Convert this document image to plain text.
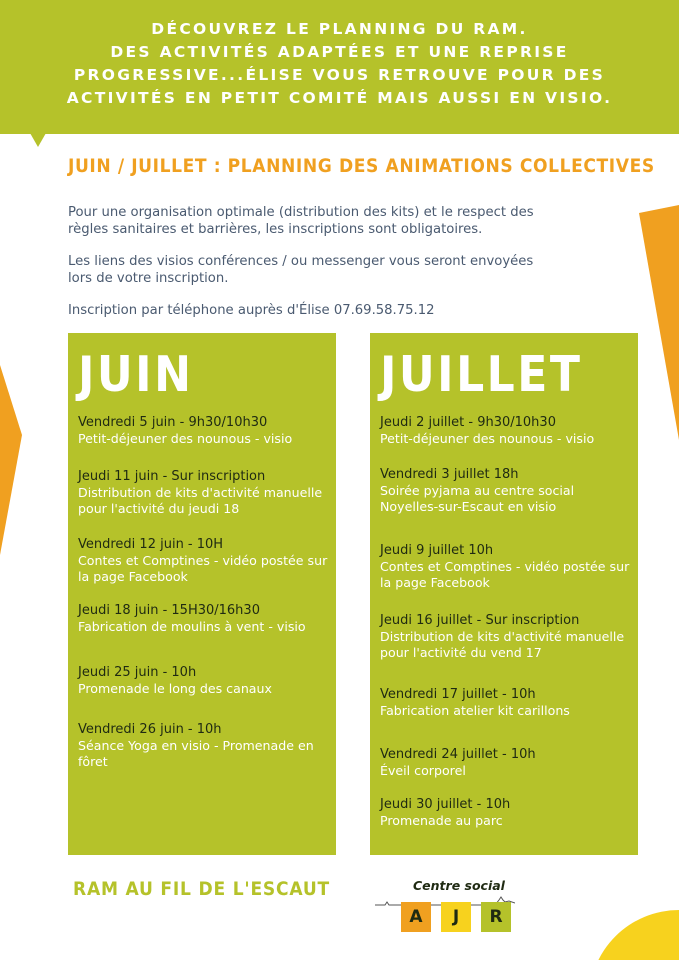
DÉCOUVREZ LE PLANNING DU RAM.
DES ACTIVITÉS ADAPTÉES ET UNE REPRISE
PROGRESSIVE...ÉLISE VOUS RETROUVE POUR DES
ACTIVITÉS EN PETIT COMITÉ MAIS AUSSI EN VISIO.
JUIN / JUILLET : PLANNING DES ANIMATIONS COLLECTIVES

Pour une organisation optimale (distribution des kits) et le respect des règles sanitaires et barrières, les inscriptions sont obligatoires.

Les liens des visios conférences / ou messenger vous seront envoyées
lors de votre inscription.

Inscription par téléphone auprès d'Élise 07.69.58.75.12

JUIN
Vendredi 5 juin - 9h30/10h30
Petit-déjeuner des nounous - visio
Jeudi 11 juin - Sur inscription
Distribution de kits d'activité manuelle pour l'activité du jeudi 18
Vendredi 12 juin - 10H
Contes et Comptines - vidéo postée sur la page Facebook
Jeudi 18 juin - 15H30/16h30
Fabrication de moulins à vent - visio
Jeudi 25 juin - 10h
Promenade le long des canaux
Vendredi 26 juin - 10h
Séance Yoga en visio - Promenade en fôret
JUILLET
Jeudi 2 juillet - 9h30/10h30
Petit-déjeuner des nounous - visio
Vendredi 3 juillet 18h
Soirée pyjama au centre social Noyelles-sur-Escaut en visio
Jeudi 9 juillet 10h
Contes et Comptines - vidéo postée sur la page Facebook
Jeudi 16 juillet - Sur inscription
Distribution de kits d'activité manuelle pour l'activité du vend 17
Vendredi 17 juillet - 10h
Fabrication atelier kit carillons
Vendredi 24 juillet - 10h
Éveil corporel
Jeudi 30 juillet - 10h
Promenade au parc
RAM AU FIL DE L'ESCAUT	Centre social
A	J	R
